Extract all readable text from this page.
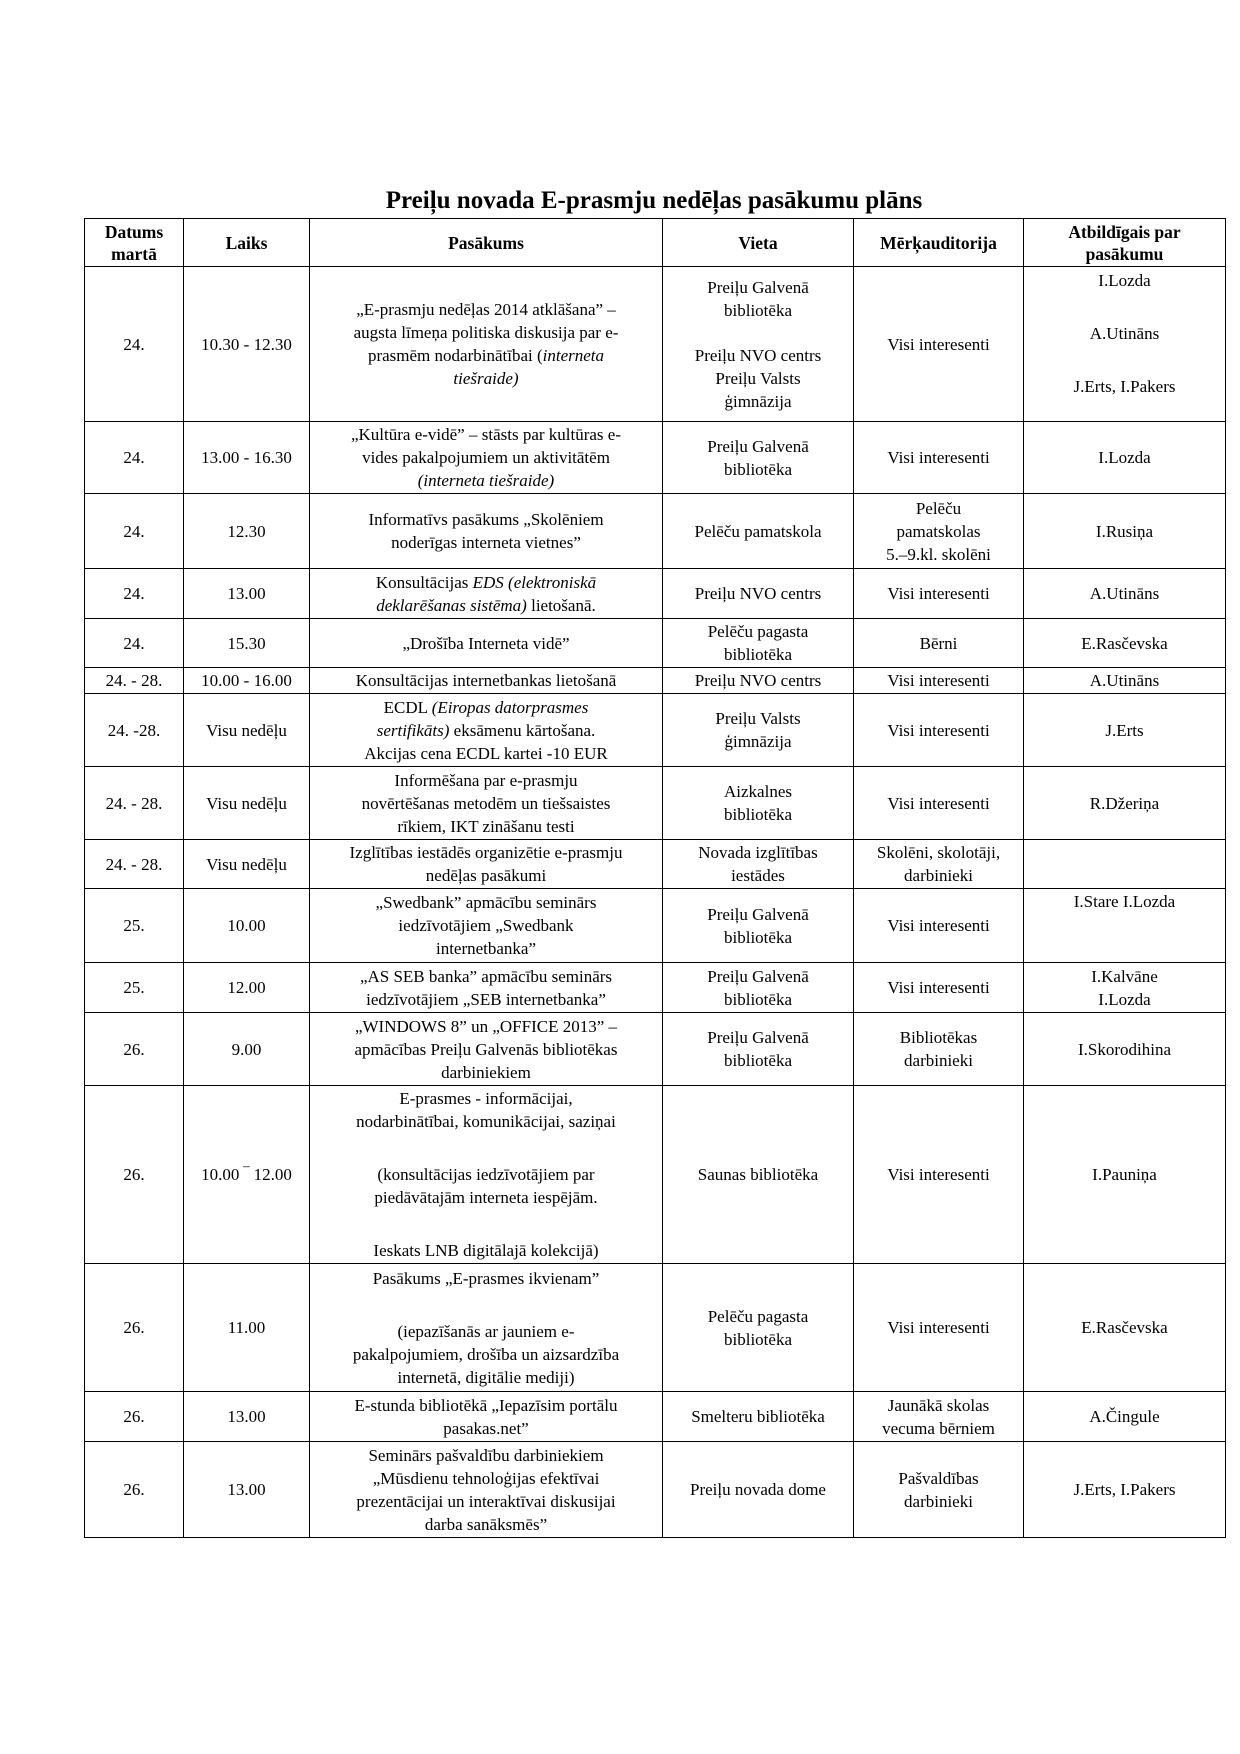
Preiļu novada E-prasmju nedēļas pasākumu plāns
Datums
martā	Laiks	Pasākums	Vieta	Mērķauditorija	Atbildīgais par
pasākumu

24.	10.30 - 12.30	„E-prasmju nedēļas 2014 atklāšana” –
augsta līmeņa politiska diskusija par e-
prasmēm nodarbinātībai (interneta
tiešraide)	Preiļu Galvenā
bibliotēka
Preiļu NVO centrs
Preiļu Valsts
ģimnāzija	Visi interesenti	I.Lozda
A.Utināns
J.Erts, I.Pakers

24.	13.00 - 16.30	„Kultūra e-vidē” – stāsts par kultūras e-
vides pakalpojumiem un aktivitātēm
(interneta tiešraide)	Preiļu Galvenā
bibliotēka	Visi interesenti	I.Lozda
24.	12.30	Informatīvs pasākums „Skolēniem
noderīgas interneta vietnes”	Pelēču pamatskola	Pelēču
pamatskolas
5.–9.kl. skolēni	I.Rusiņa
24.	13.00	Konsultācijas EDS (elektroniskā
deklarēšanas sistēma) lietošanā.	Preiļu NVO centrs	Visi interesenti	A.Utināns
24.	15.30	„Drošība Interneta vidē”	Pelēču pagasta
bibliotēka	Bērni	E.Rasčevska
24. - 28.	10.00 - 16.00	Konsultācijas internetbankas lietošanā	Preiļu NVO centrs	Visi interesenti	A.Utināns
24. -28.	Visu nedēļu	ECDL (Eiropas datorprasmes
sertifikāts) eksāmenu kārtošana.
Akcijas cena ECDL kartei -10 EUR	Preiļu Valsts
ģimnāzija	Visi interesenti	J.Erts
24. - 28.	Visu nedēļu	Informēšana par e-prasmju
novērtēšanas metodēm un tiešsaistes
rīkiem, IKT zināšanu testi	Aizkalnes
bibliotēka	Visi interesenti	R.Džeriņa
24. - 28.	Visu nedēļu	Izglītības iestādēs organizētie e-prasmju
nedēļas pasākumi	Novada izglītības
iestādes	Skolēni, skolotāji,
darbinieki	

25.	10.00	„Swedbank” apmācību seminārs
iedzīvotājiem „Swedbank
internetbanka”	Preiļu Galvenā
bibliotēka	Visi interesenti	I.Stare I.Lozda
25.	12.00	„AS SEB banka” apmācību seminārs
iedzīvotājiem „SEB internetbanka”	Preiļu Galvenā
bibliotēka	Visi interesenti	I.Kalvāne
I.Lozda

26.	9.00	„WINDOWS 8” un „OFFICE 2013” –
apmācības Preiļu Galvenās bibliotēkas
darbiniekiem	Preiļu Galvenā
bibliotēka	Bibliotēkas
darbinieki	I.Skorodihina
26.	10.00 ‾ 12.00	E-prasmes - informācijai,
nodarbinātībai, komunikācijai, saziņai
(konsultācijas iedzīvotājiem par
piedāvātajām interneta iespējām.
Ieskats LNB digitālajā kolekcijā)	Saunas bibliotēka	Visi interesenti	I.Pauniņa
26.	11.00	Pasākums „E-prasmes ikvienam”
(iepazīšanās ar jauniem e-
pakalpojumiem, drošība un aizsardzība
internetā, digitālie mediji)	Pelēču pagasta
bibliotēka	Visi interesenti	E.Rasčevska
26.	13.00	E-stunda bibliotēkā „Iepazīsim portālu
pasakas.net”	Smelteru bibliotēka	Jaunākā skolas
vecuma bērniem	A.Čingule
26.	13.00	Seminārs pašvaldību darbiniekiem
„Mūsdienu tehnoloģijas efektīvai
prezentācijai un interaktīvai diskusijai
darba sanāksmēs”	Preiļu novada dome	Pašvaldības
darbinieki	J.Erts, I.Pakers
